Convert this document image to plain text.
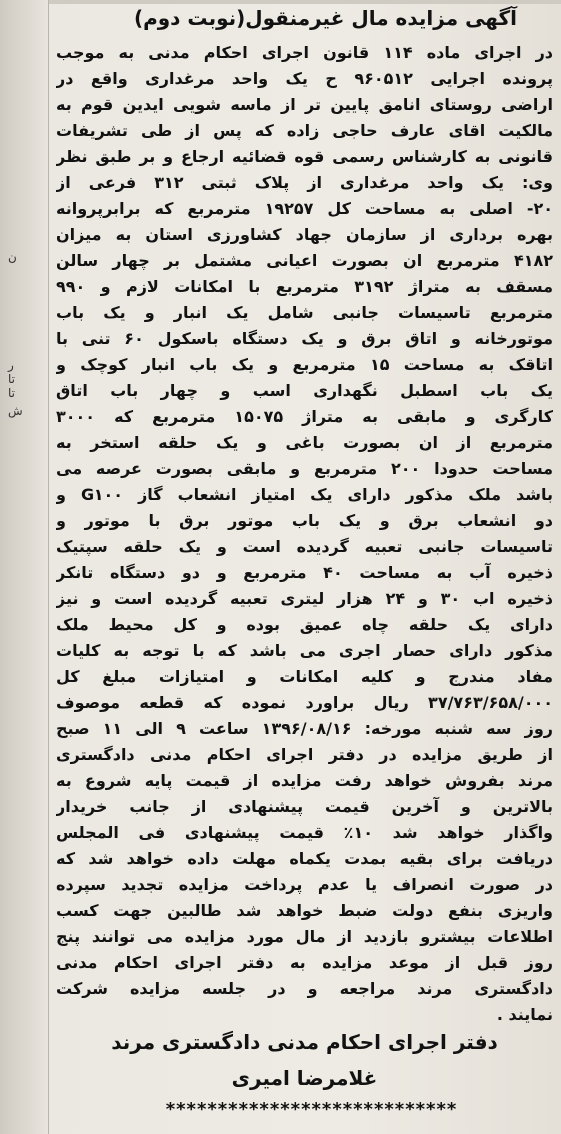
ن
ر
تا
تا
ش
آگهی مزایده مال غیرمنقول(نوبت دوم)
در اجرای ماده ۱۱۴ قانون اجرای احکام مدنی به موجب
پرونده اجرایی ۹۶۰۵۱۲ ح یک واحد مرغداری واقع در
اراضی روستای انامق پایین تر از ماسه شویی ایدین قوم به
مالکیت اقای عارف حاجی زاده که پس از طی تشریفات
قانونی به کارشناس رسمی قوه قضائیه ارجاع و بر طبق نظر
وی: یک واحد مرغداری از پلاک ثبتی ۳۱۲ فرعی از
۲۰- اصلی به مساحت کل ۱۹۲۵۷ مترمربع که برابرپروانه
بهره برداری از سازمان جهاد کشاورزی استان به میزان
۴۱۸۲ مترمربع ان بصورت اعیانی مشتمل بر چهار سالن
مسقف به متراژ ۳۱۹۲ مترمربع با امکانات لازم و ۹۹۰
مترمربع تاسیسات جانبی شامل یک انبار و یک باب
موتورخانه و اتاق برق و یک دستگاه باسکول ۶۰ تنی با
اتاقک به مساحت ۱۵ مترمربع و یک باب انبار کوچک و
یک باب اسطبل نگهداری اسب و چهار باب اتاق
کارگری و مابقی به متراژ ۱۵۰۷۵ مترمربع که ۳۰۰۰
مترمربع از ان بصورت باغی و یک حلقه استخر به
مساحت حدودا ۲۰۰ مترمربع و مابقی بصورت عرصه می
باشد ملک مذکور دارای یک امتیاز انشعاب گاز G۱۰۰ و
دو انشعاب برق و یک باب موتور برق با موتور و
تاسیسات جانبی تعبیه گردیده است و یک حلقه سپتیک
ذخیره آب به مساحت ۴۰ مترمربع و دو دستگاه تانکر
ذخیره اب ۳۰ و ۲۴ هزار لیتری تعبیه گردیده است و نیز
دارای یک حلقه چاه عمیق بوده و کل محیط ملک
مذکور دارای حصار اجری می باشد که با توجه به کلیات
مفاد مندرج و کلیه امکانات و امتیازات مبلغ کل
۳۷/۷۶۳/۶۵۸/۰۰۰ ریال براورد نموده که قطعه موصوف
روز سه شنبه مورخه: ۱۳۹۶/۰۸/۱۶ ساعت ۹ الی ۱۱ صبح
از طریق مزایده در دفتر اجرای احکام مدنی دادگستری
مرند بفروش خواهد رفت مزایده از قیمت پایه شروع به
بالاترین و آخرین قیمت پیشنهادی از جانب خریدار
واگذار خواهد شد ۱۰٪ قیمت پیشنهادی فی المجلس
دریافت برای بقیه بمدت یکماه مهلت داده خواهد شد که
در صورت انصراف یا عدم پرداخت مزایده تجدید سپرده
واریزی بنفع دولت ضبط خواهد شد طالبین جهت کسب
اطلاعات بیشترو بازدید از مال مورد مزایده می توانند پنج
روز قبل از موعد مزایده به دفتر اجرای احکام مدنی
دادگستری مرند مراجعه و در جلسه مزایده شرکت
نمایند .
دفتر اجرای احکام مدنی دادگستری مرند
غلامرضا امیری
****************************
